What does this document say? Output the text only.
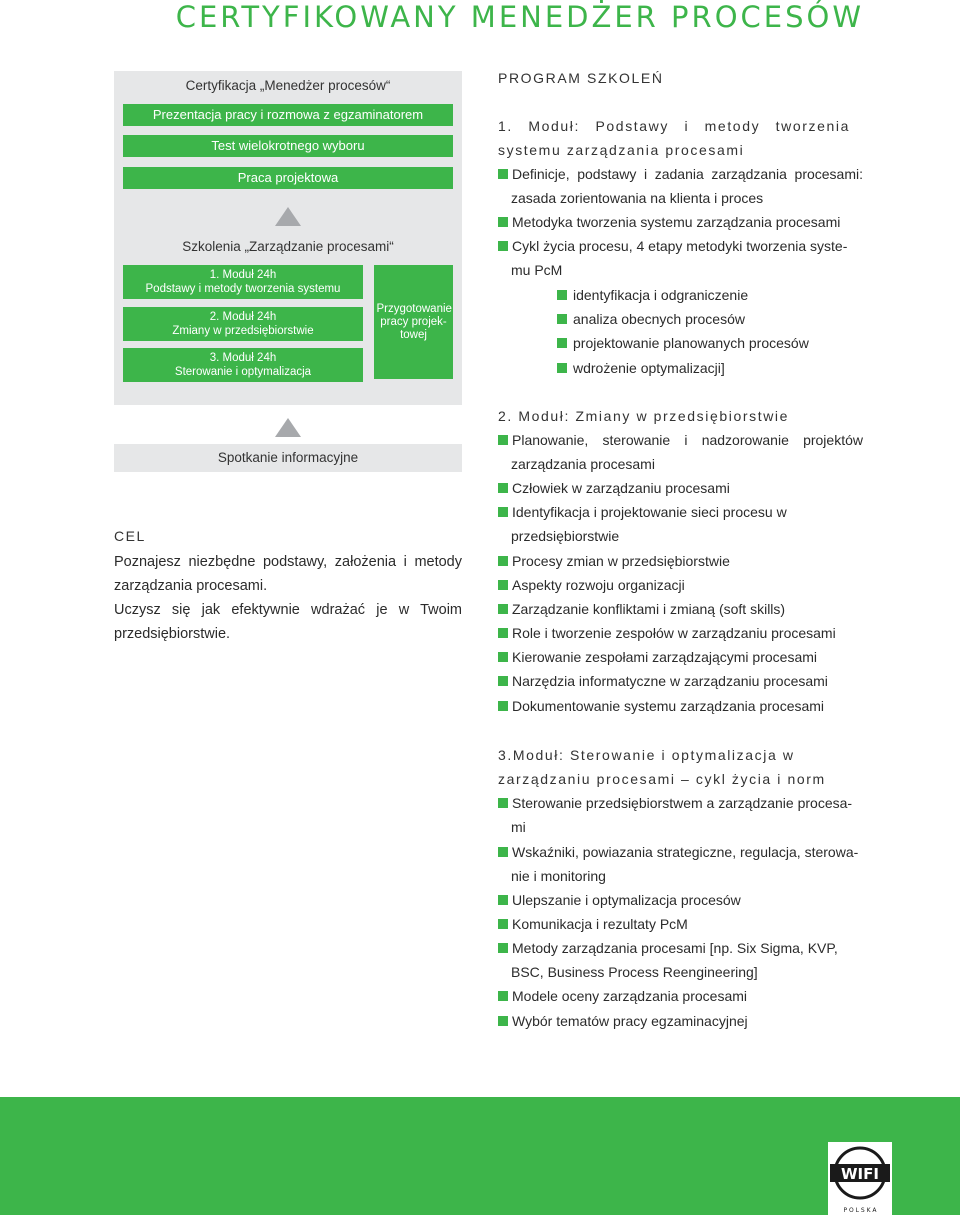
CERTYFIKOWANY MENEDŻER PROCESÓW
Certyfikacja „Menedżer procesów“
Prezentacja pracy i rozmowa z egzaminatorem
Test wielokrotnego wyboru
Praca projektowa
Szkolenia „Zarządzanie procesami“
1. Moduł 24h
Podstawy i metody tworzenia systemu
2. Moduł 24h
Zmiany w przedsiębiorstwie
3. Moduł 24h
Sterowanie i optymalizacja
Przygotowanie pracy projek-towej
Spotkanie informacyjne
CEL
Poznajesz niezbędne podstawy, założenia i metody zarządzania procesami.
Uczysz się jak efektywnie wdrażać je w Twoim przedsiębiorstwie.
PROGRAM SZKOLEŃ
1. Moduł: Podstawy i metody tworzenia systemu zarządzania procesami
Definicje, podstawy i zadania zarządzania procesami: zasada zorientowania na klienta i proces
Metodyka tworzenia systemu zarządzania procesami
Cykl życia procesu, 4 etapy metodyki tworzenia syste-mu PcM
identyfikacja i odgraniczenie
analiza obecnych procesów
projektowanie planowanych procesów
wdrożenie optymalizacji]
2. Moduł: Zmiany w przedsiębiorstwie
Planowanie, sterowanie i nadzorowanie projektów zarządzania procesami
Człowiek w zarządzaniu procesami
Identyfikacja i projektowanie sieci procesu w przedsiębiorstwie
Procesy zmian w przedsiębiorstwie
Aspekty rozwoju organizacji
Zarządzanie konfliktami i zmianą (soft skills)
Role i tworzenie zespołów w zarządzaniu procesami
Kierowanie zespołami zarządzającymi procesami
Narzędzia informatyczne w zarządzaniu procesami
Dokumentowanie systemu zarządzania procesami
3.Moduł: Sterowanie i optymalizacja w
zarządzaniu procesami – cykl życia i norm
Sterowanie przedsiębiorstwem a zarządzanie procesa-mi
Wskaźniki, powiazania strategiczne, regulacja, sterowa-nie i monitoring
Ulepszanie i optymalizacja procesów
Komunikacja i rezultaty PcM
Metody zarządzania procesami [np. Six Sigma, KVP, BSC, Business Process Reengineering]
Modele oceny zarządzania procesami
Wybór tematów pracy egzaminacyjnej
WIFI
P O L S K A
